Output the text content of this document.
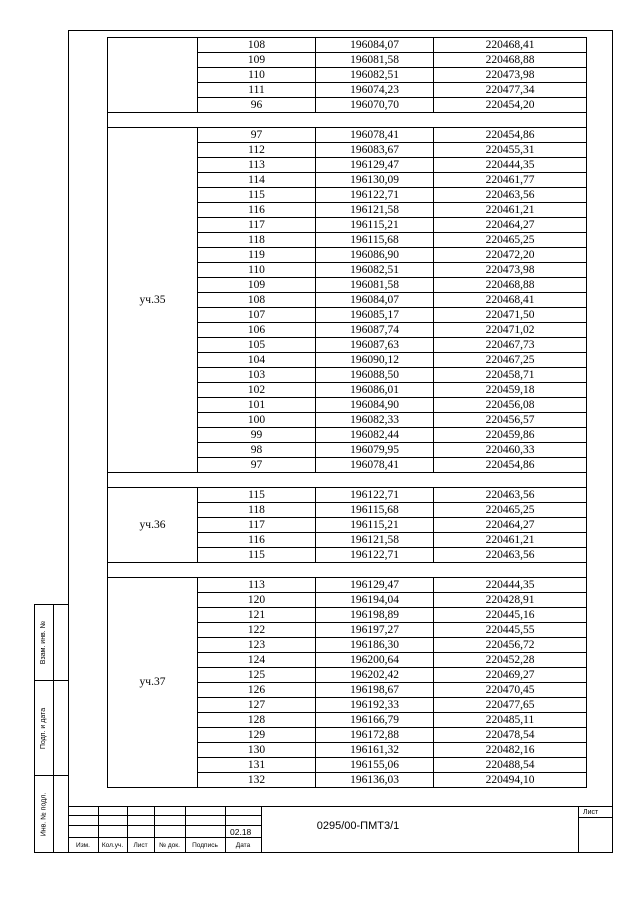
	108	196084,07	220468,41
	109	196081,58	220468,88
	110	196082,51	220473,98
	111	196074,23	220477,34
	96	196070,70	220454,20

уч.35	97	196078,41	220454,86
	112	196083,67	220455,31
	113	196129,47	220444,35
	114	196130,09	220461,77
	115	196122,71	220463,56
	116	196121,58	220461,21
	117	196115,21	220464,27
	118	196115,68	220465,25
	119	196086,90	220472,20
	110	196082,51	220473,98
	109	196081,58	220468,88
	108	196084,07	220468,41
	107	196085,17	220471,50
	106	196087,74	220471,02
	105	196087,63	220467,73
	104	196090,12	220467,25
	103	196088,50	220458,71
	102	196086,01	220459,18
	101	196084,90	220456,08
	100	196082,33	220456,57
	99	196082,44	220459,86
	98	196079,95	220460,33
	97	196078,41	220454,86

уч.36	115	196122,71	220463,56
	118	196115,68	220465,25
	117	196115,21	220464,27
	116	196121,58	220461,21
	115	196122,71	220463,56

уч.37	113	196129,47	220444,35
	120	196194,04	220428,91
	121	196198,89	220445,16
	122	196197,27	220445,55
	123	196186,30	220456,72
	124	196200,64	220452,28
	125	196202,42	220469,27
	126	196198,67	220470,45
	127	196192,33	220477,65
	128	196166,79	220485,11
	129	196172,88	220478,54
	130	196161,32	220482,16
	131	196155,06	220488,54
	132	196136,03	220494,10
Взам. инв. №
Подп. и дата
Инв. № подл.
Изм.	Кол.уч.	Лист	№ док.	Подпись	Дата
02.18	0295/00-ПМТ3/1
Лист
